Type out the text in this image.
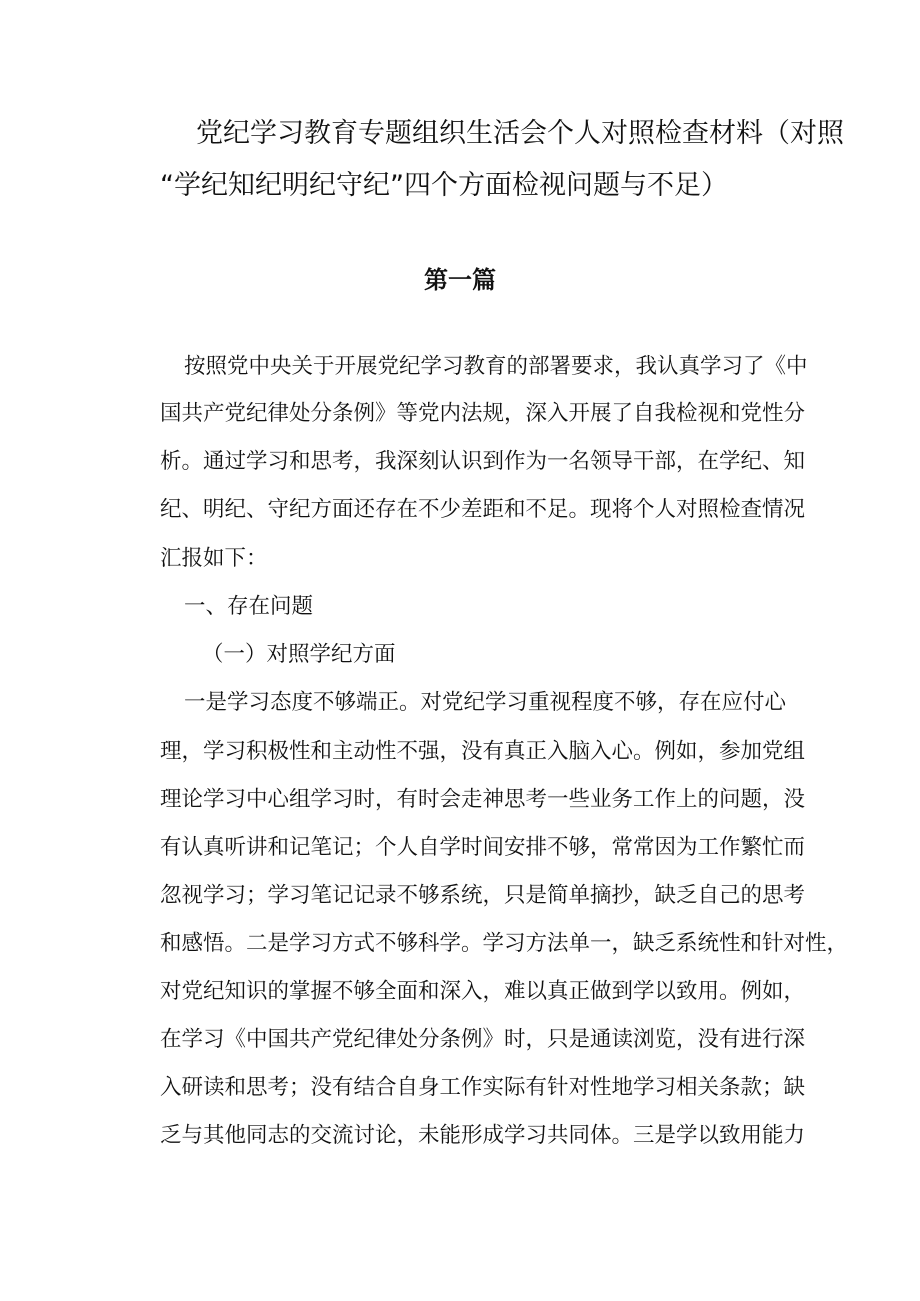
党纪学习教育专题组织生活会个人对照检查材料（对照
“学纪知纪明纪守纪”四个方面检视问题与不足）
第一篇
按照党中央关于开展党纪学习教育的部署要求，我认真学习了《中
国共产党纪律处分条例》等党内法规，深入开展了自我检视和党性分
析。通过学习和思考，我深刻认识到作为一名领导干部，在学纪、知
纪、明纪、守纪方面还存在不少差距和不足。现将个人对照检查情况
汇报如下：
一、存在问题
（一）对照学纪方面
一是学习态度不够端正。对党纪学习重视程度不够，存在应付心
理，学习积极性和主动性不强，没有真正入脑入心。例如，参加党组
理论学习中心组学习时，有时会走神思考一些业务工作上的问题，没
有认真听讲和记笔记；个人自学时间安排不够，常常因为工作繁忙而
忽视学习；学习笔记记录不够系统，只是简单摘抄，缺乏自己的思考
和感悟。二是学习方式不够科学。学习方法单一，缺乏系统性和针对性，
对党纪知识的掌握不够全面和深入，难以真正做到学以致用。例如，
在学习《中国共产党纪律处分条例》时，只是通读浏览，没有进行深
入研读和思考；没有结合自身工作实际有针对性地学习相关条款；缺
乏与其他同志的交流讨论，未能形成学习共同体。三是学以致用能力
